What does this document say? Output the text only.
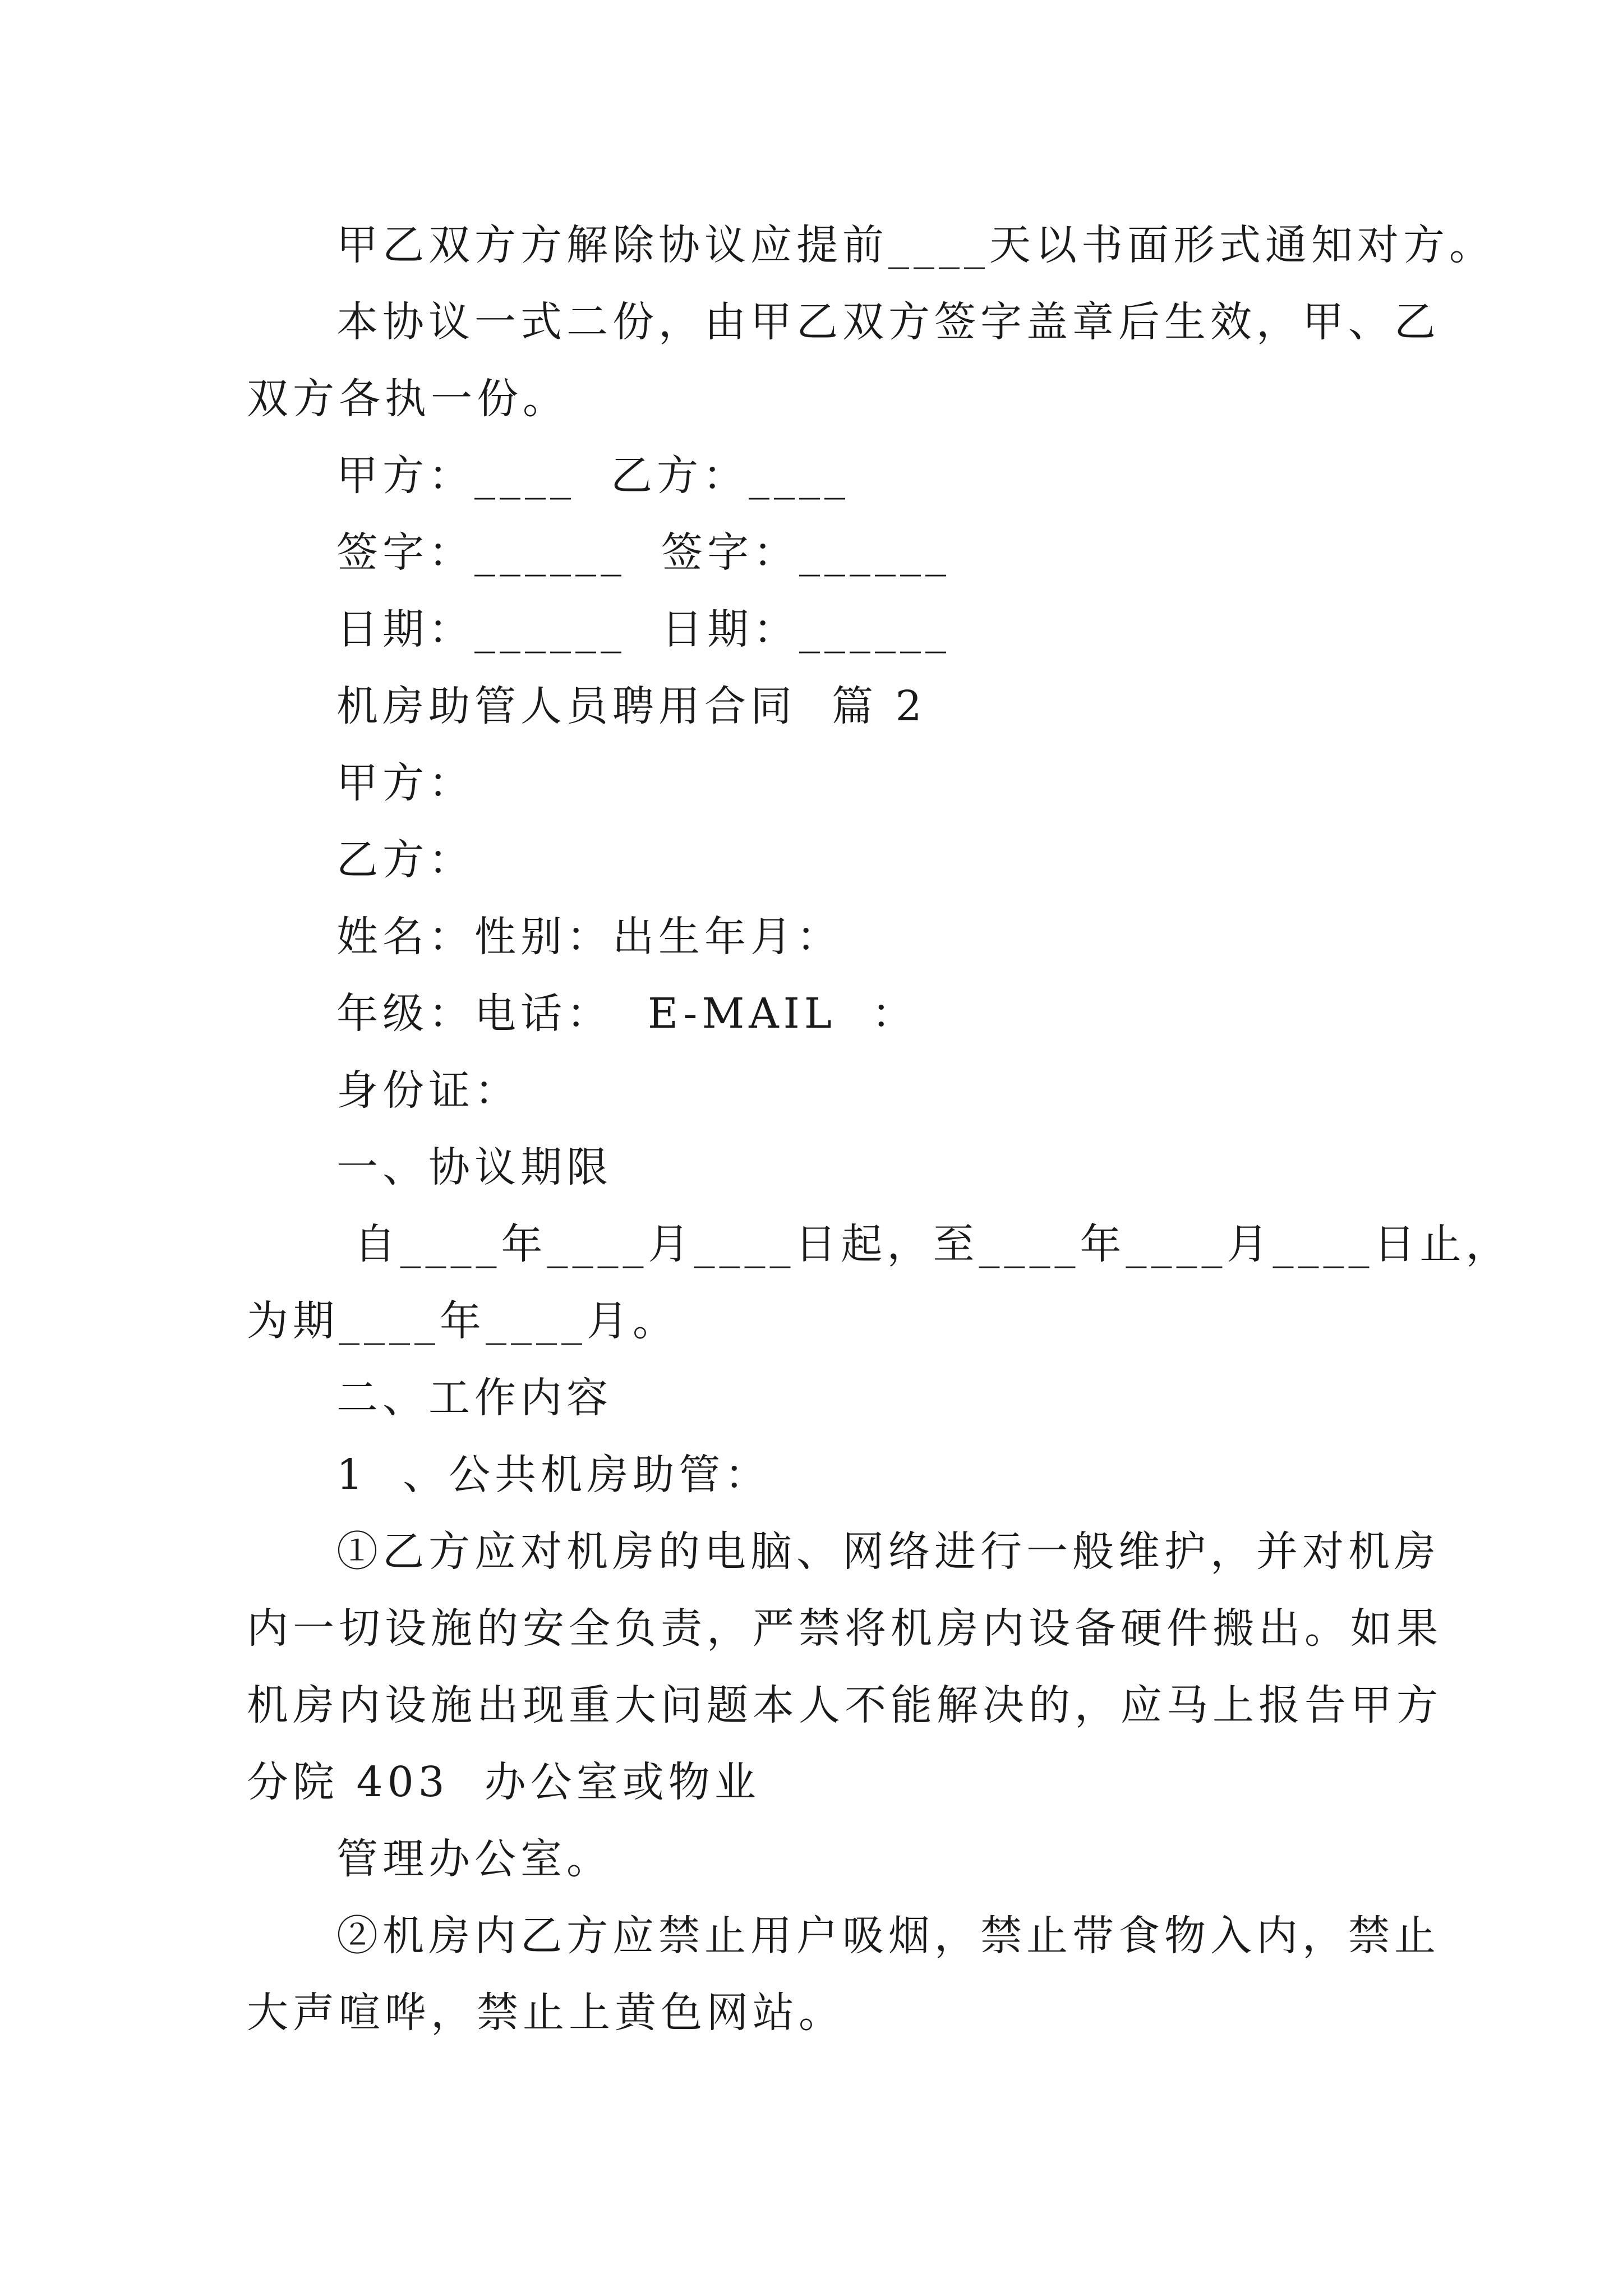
甲乙双方方解除协议应提前____天以书面形式通知对方。
本协议一式二份，由甲乙双方签字盖章后生效，甲、乙
双方各执一份。
甲方：____  乙方：____
签字：______  签字：______
日期：______  日期：______
机房助管人员聘用合同  篇 2
甲方：
乙方：
姓名：性别：出生年月：
年级：电话：  E-MAIL  ：
身份证：
一、协议期限
自____年____月____日起，至____年____月____日止，
为期____年____月。
二、工作内容
1  、公共机房助管：
①乙方应对机房的电脑、网络进行一般维护，并对机房
内一切设施的安全负责，严禁将机房内设备硬件搬出。如果
机房内设施出现重大问题本人不能解决的，应马上报告甲方
分院 403  办公室或物业
管理办公室。
②机房内乙方应禁止用户吸烟，禁止带食物入内，禁止
大声喧哗，禁止上黄色网站。
